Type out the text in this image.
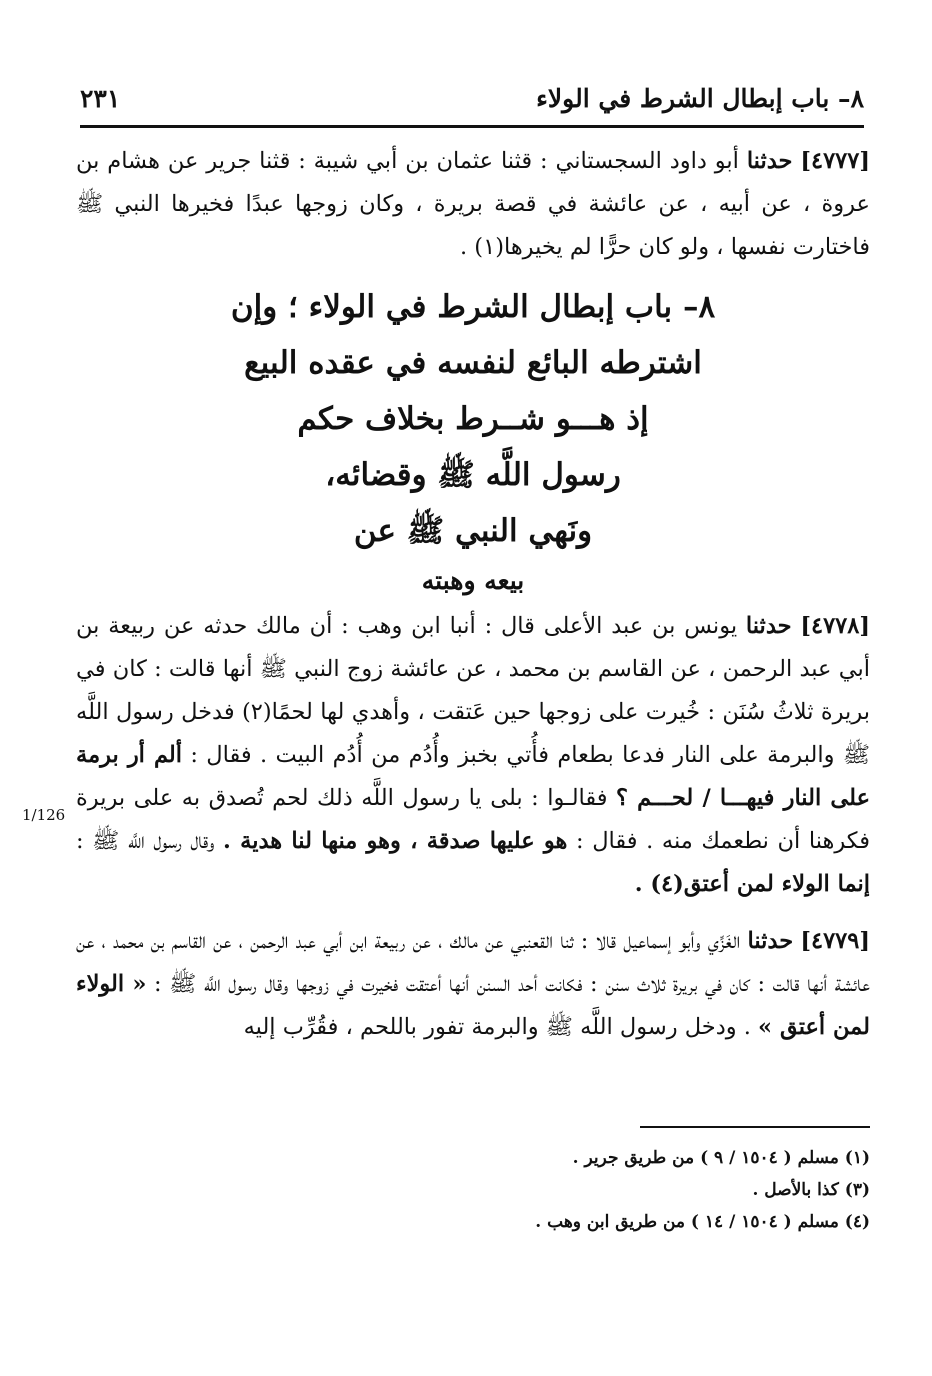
٨– باب إبطال الشرط في الولاء
٢٣١

[٤٧٧٧] حدثنا أبو داود السجستاني : قثنا عثمان بن أبي شيبة : قثنا جرير عن هشام بن عروة ، عن أبيه ، عن عائشة في قصة بريرة ، وكان زوجها عبدًا فخيرها النبي ﷺ فاختارت نفسها ، ولو كان حرًّا لم يخيرها(١) .

٨– باب إبطال الشرط في الولاء ؛ وإن
اشترطه البائع لنفسه في عقده البيع
إذ هـــو شــرط بخلاف حكم
رسول اللَّه ﷺ وقضائه،
ونَهي النبي ﷺ عن
بيعه وهبته

[٤٧٧٨] حدثنا يونس بن عبد الأعلى قال : أنبا ابن وهب : أن مالك حدثه عن ربيعة بن أبي عبد الرحمن ، عن القاسم بن محمد ، عن عائشة زوج النبي ﷺ أنها قالت : كان في بريرة ثلاثُ سُنَن : خُيرت على زوجها حين عَتقت ، وأهدي لها لحمًا(٢) فدخل رسول اللَّه ﷺ والبرمة على النار فدعا بطعام فأُتي بخبز وأُدُم من أُدُم البيت . فقال : ألم أر برمة على النار فيهـــا / لحـــم ؟ فقالـوا : بلى يا رسول اللَّه ذلك لحم تُصدق به على بريرة فكرهنا أن نطعمك منه . فقال : هو عليها صدقة ، وهو منها لنا هدية . وقال رسول اللَّه ﷺ : إنما الولاء لمن أعتق(٤) .

[٤٧٧٩] حدثنا الغَزِّي وأبو إسماعيل قالا : ثنا القعنبي عن مالك ، عن ربيعة ابن أبي عبد الرحمن ، عن القاسم بن محمد ، عن عائشة أنها قالت : كان في بريرة ثلاث سنن : فكانت أحد السنن أنها أعتقت فخيرت في زوجها وقال رسول اللَّه ﷺ : « الولاء لمن أعتق » . ودخل رسول اللَّه ﷺ والبرمة تفور باللحم ، فقُرِّب إليه

1/126
(١) مسلم ( ١٥٠٤ / ٩ ) من طريق جرير .
(٣) كذا بالأصل .
(٤) مسلم ( ١٥٠٤ / ١٤ ) من طريق ابن وهب .
